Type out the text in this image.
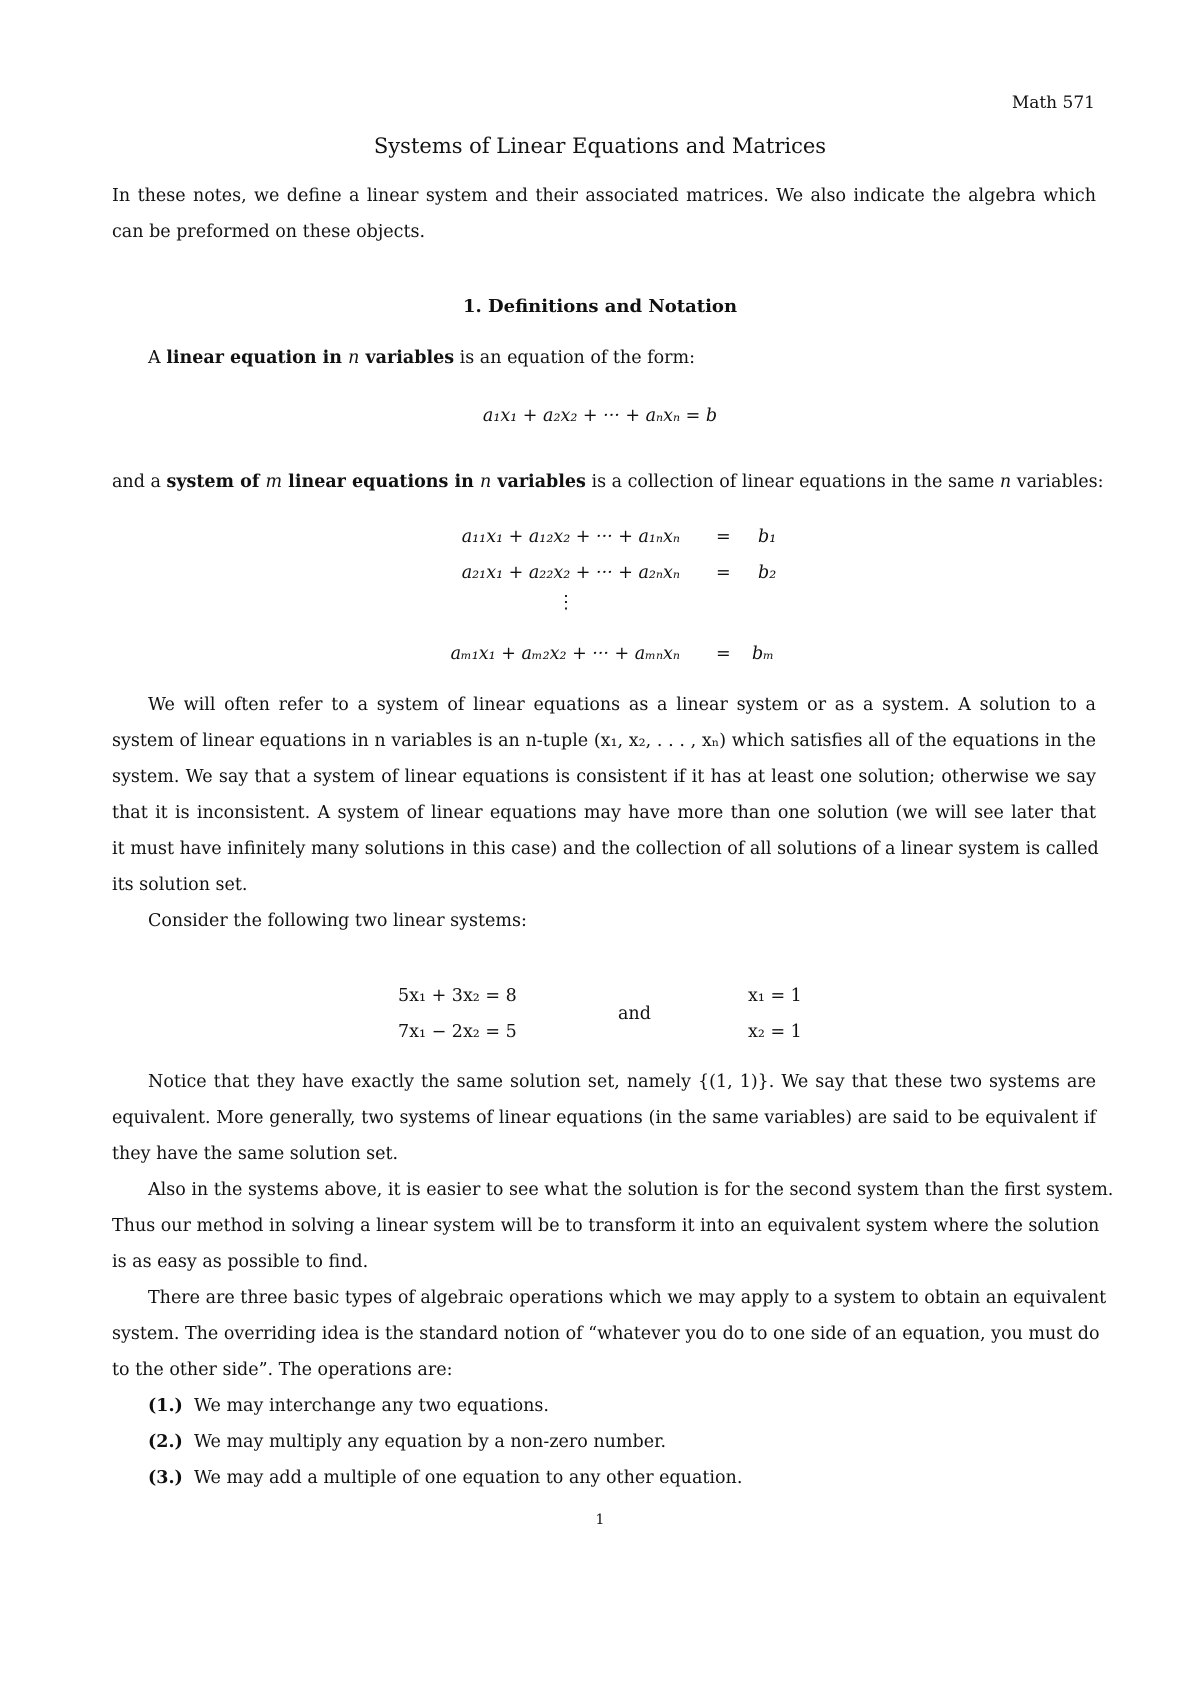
Math 571
Systems of Linear Equations and Matrices
In these notes, we define a linear system and their associated matrices. We also indicate the algebra which
can be preformed on these objects.
1. Definitions and Notation
A linear equation in n variables is an equation of the form:
a₁x₁ + a₂x₂ + ··· + aₙxₙ = b
and a system of m linear equations in n variables is a collection of linear equations in the same n variables:
a₁₁x₁ + a₁₂x₂ + ··· + a₁ₙxₙ = b₁
a₂₁x₁ + a₂₂x₂ + ··· + a₂ₙxₙ = b₂
⋮
aₘ₁x₁ + aₘ₂x₂ + ··· + aₘₙxₙ = bₘ
We will often refer to a system of linear equations as a linear system or as a system. A solution to a
system of linear equations in n variables is an n-tuple (x₁, x₂, . . . , xₙ) which satisfies all of the equations in the
system. We say that a system of linear equations is consistent if it has at least one solution; otherwise we say
that it is inconsistent. A system of linear equations may have more than one solution (we will see later that
it must have infinitely many solutions in this case) and the collection of all solutions of a linear system is called
its solution set.
Consider the following two linear systems:
5x₁ + 3x₂ = 8
7x₁ − 2x₂ = 5
and
x₁ = 1
x₂ = 1
Notice that they have exactly the same solution set, namely {(1, 1)}. We say that these two systems are
equivalent. More generally, two systems of linear equations (in the same variables) are said to be equivalent if
they have the same solution set.
Also in the systems above, it is easier to see what the solution is for the second system than the first system.
Thus our method in solving a linear system will be to transform it into an equivalent system where the solution
is as easy as possible to find.
There are three basic types of algebraic operations which we may apply to a system to obtain an equivalent
system. The overriding idea is the standard notion of “whatever you do to one side of an equation, you must do
to the other side”. The operations are:
(1.) We may interchange any two equations.
(2.) We may multiply any equation by a non-zero number.
(3.) We may add a multiple of one equation to any other equation.
1
